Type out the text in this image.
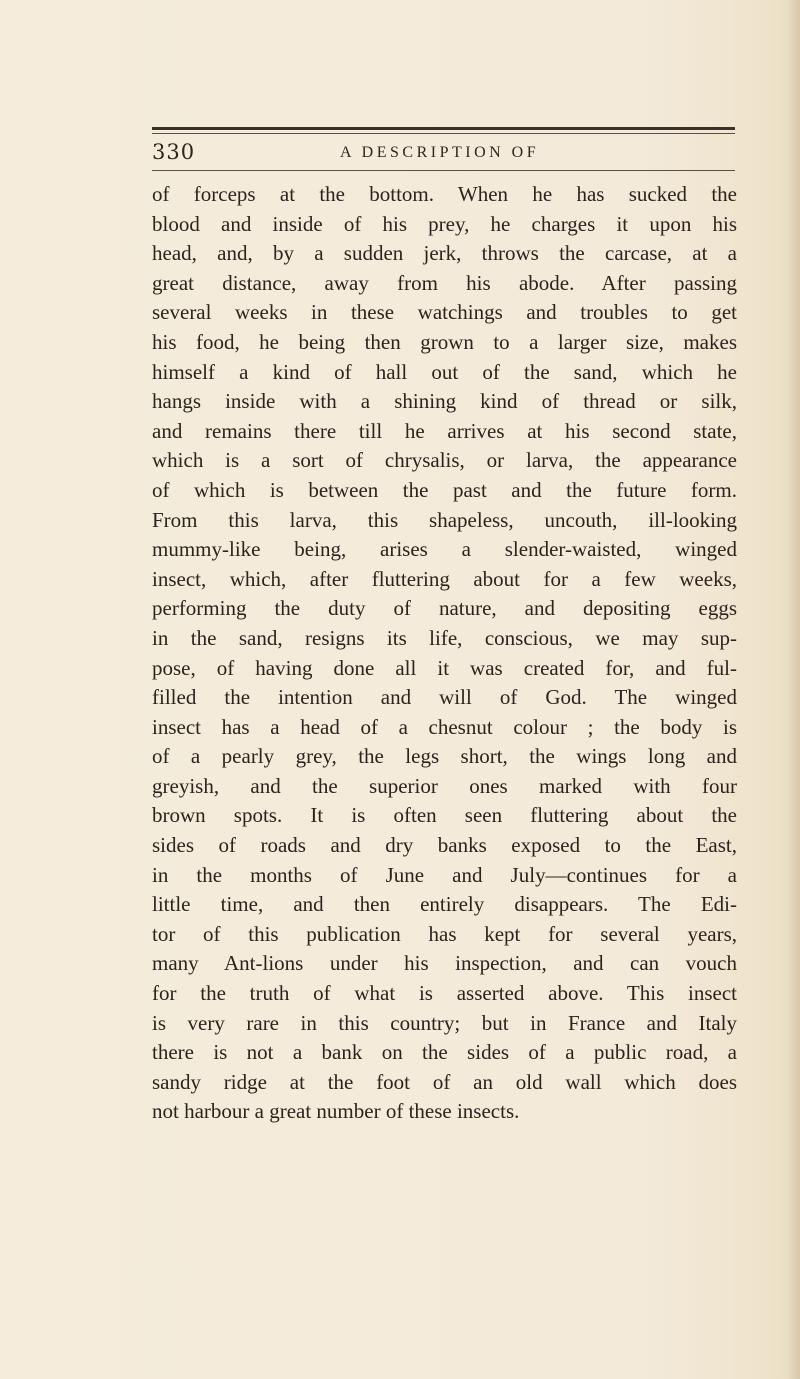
330	A DESCRIPTION OF
of forceps at the bottom. When he has sucked the
blood and inside of his prey, he charges it upon his
head, and, by a sudden jerk, throws the carcase, at a
great distance, away from his abode. After passing
several weeks in these watchings and troubles to get
his food, he being then grown to a larger size, makes
himself a kind of hall out of the sand, which he
hangs inside with a shining kind of thread or silk,
and remains there till he arrives at his second state,
which is a sort of chrysalis, or larva, the appearance
of which is between the past and the future form.
From this larva, this shapeless, uncouth, ill-looking
mummy-like being, arises a slender-waisted, winged
insect, which, after fluttering about for a few weeks,
performing the duty of nature, and depositing eggs
in the sand, resigns its life, conscious, we may sup-
pose, of having done all it was created for, and ful-
filled the intention and will of God. The winged
insect has a head of a chesnut colour ; the body is
of a pearly grey, the legs short, the wings long and
greyish, and the superior ones marked with four
brown spots. It is often seen fluttering about the
sides of roads and dry banks exposed to the East,
in the months of June and July—continues for a
little time, and then entirely disappears. The Edi-
tor of this publication has kept for several years,
many Ant-lions under his inspection, and can vouch
for the truth of what is asserted above. This insect
is very rare in this country; but in France and Italy
there is not a bank on the sides of a public road, a
sandy ridge at the foot of an old wall which does
not harbour a great number of these insects.
